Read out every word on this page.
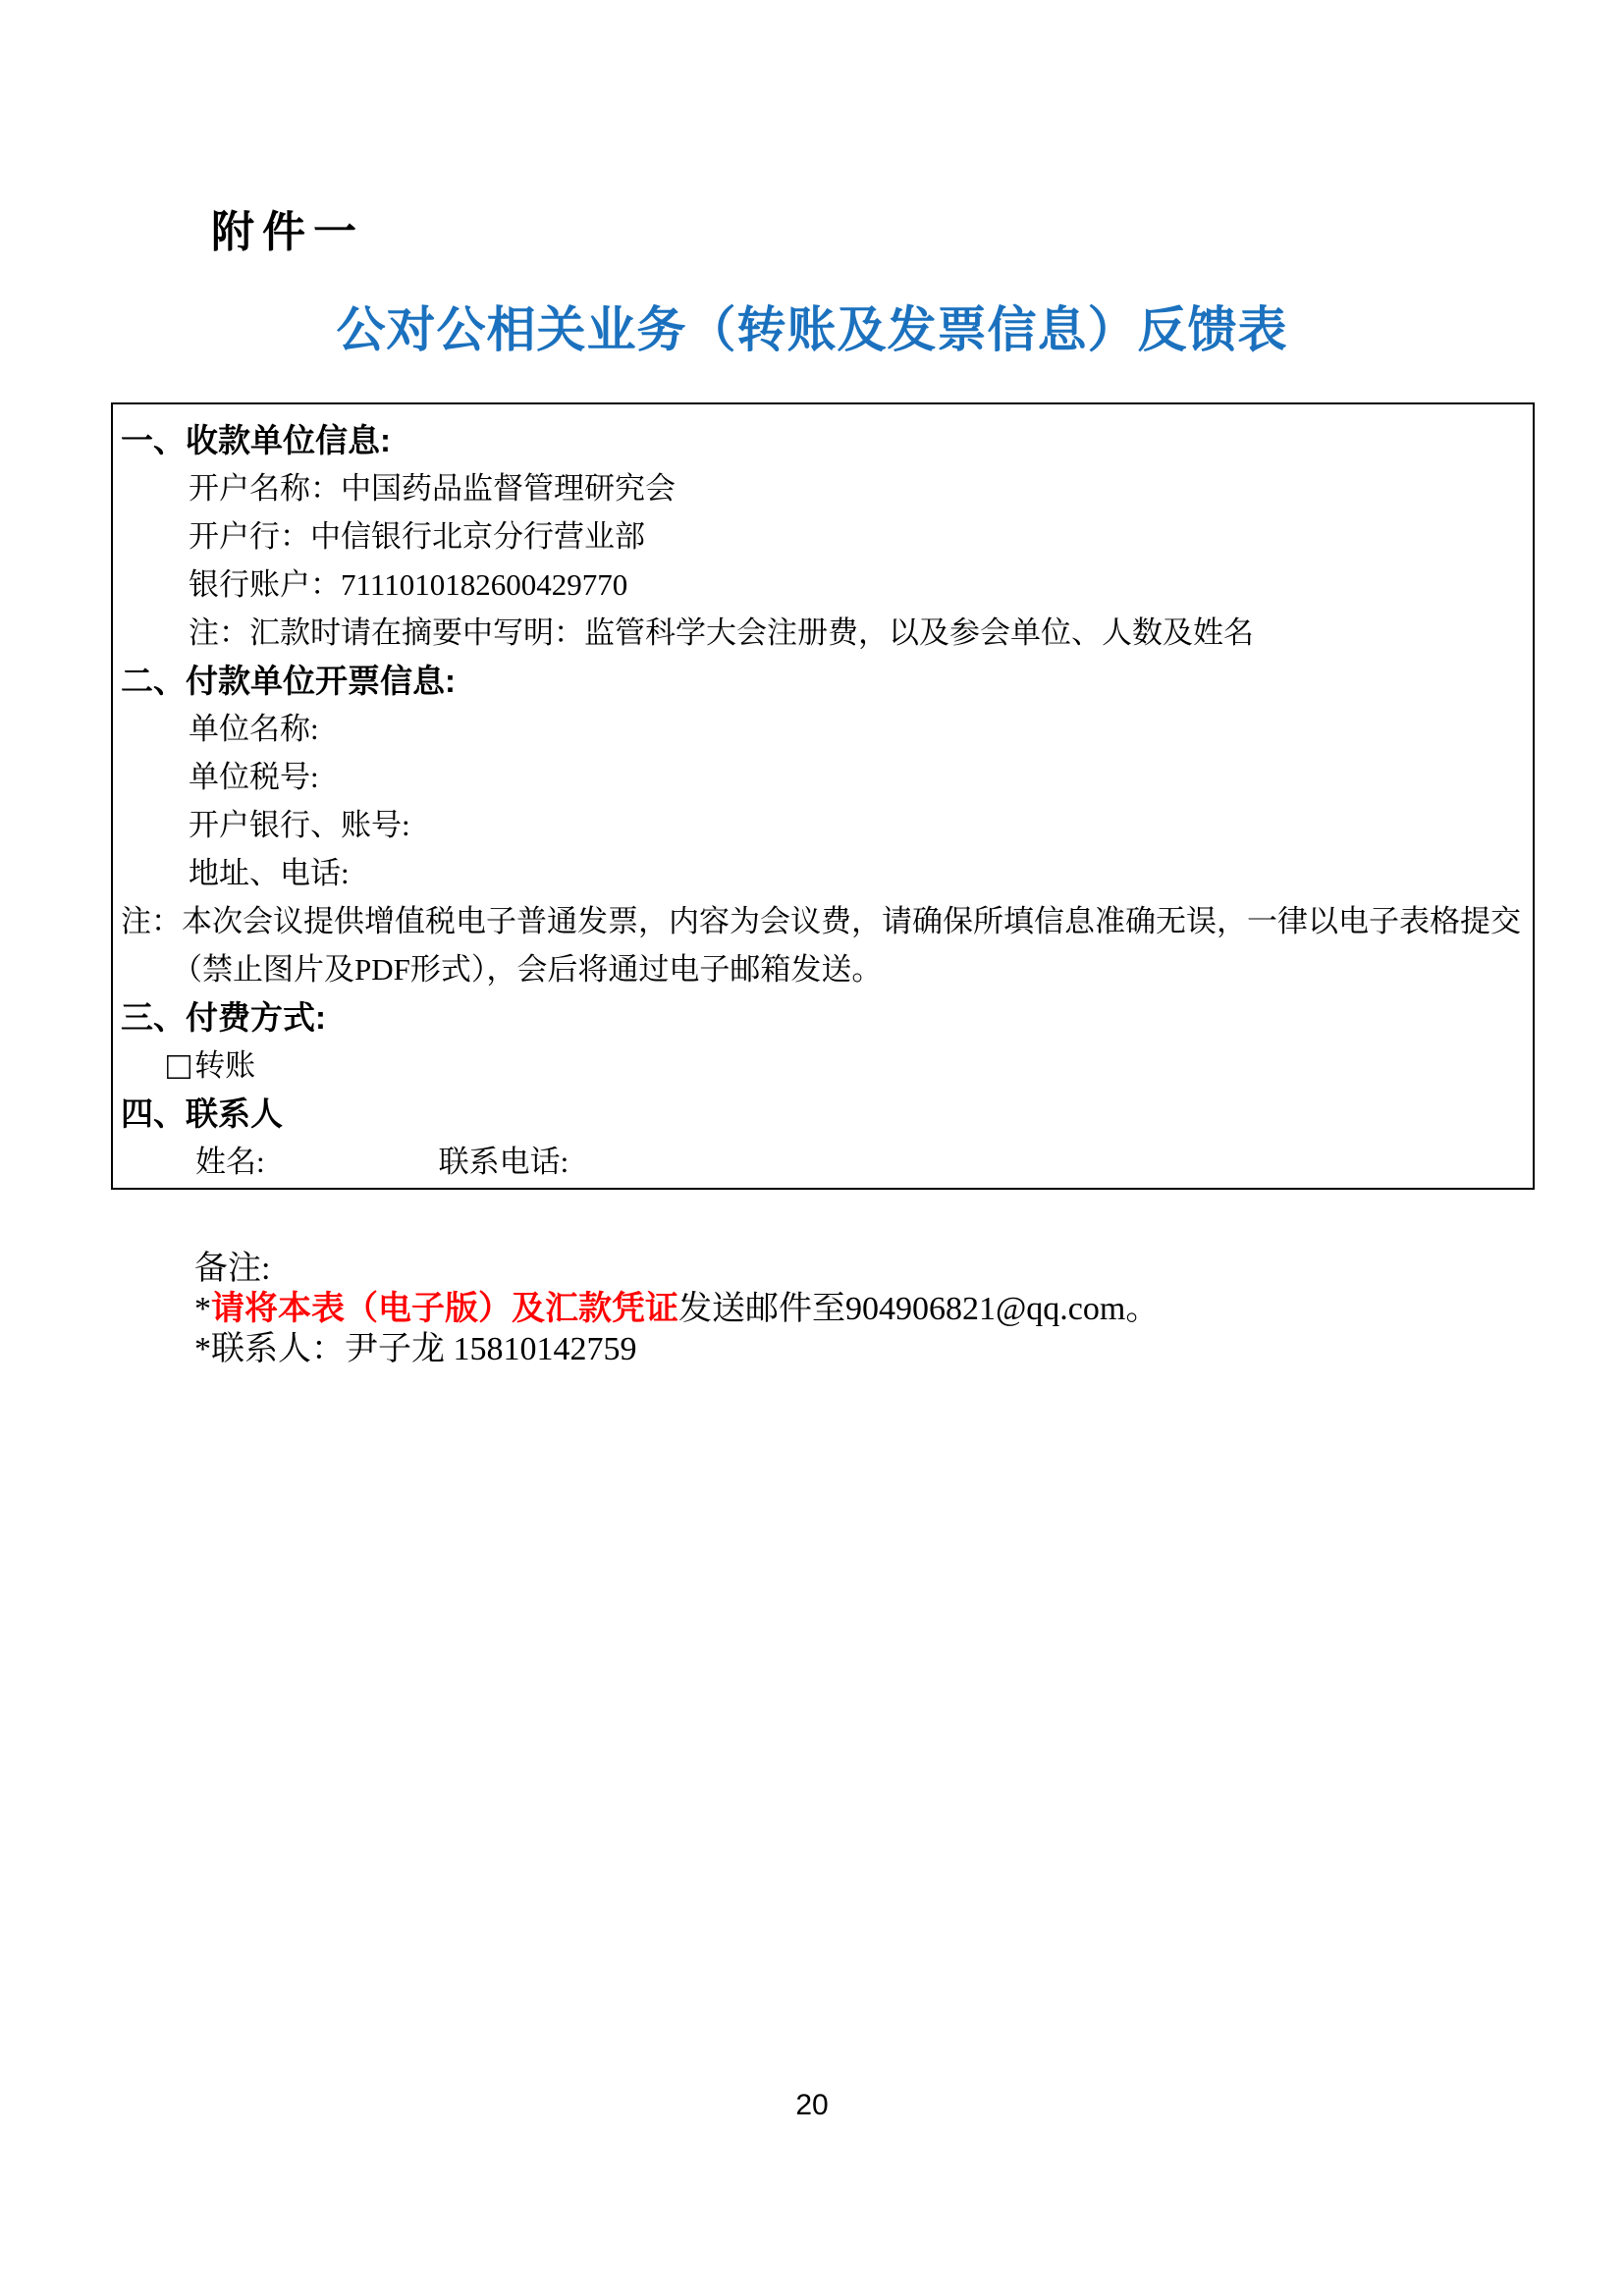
附件一
公对公相关业务（转账及发票信息）反馈表
一、收款单位信息:
开户名称：中国药品监督管理研究会
开户行：中信银行北京分行营业部
银行账户：7111010182600429770
注：汇款时请在摘要中写明：监管科学大会注册费，以及参会单位、人数及姓名
二、付款单位开票信息:
单位名称:
单位税号:
开户银行、账号:
地址、电话:
注：本次会议提供增值税电子普通发票，内容为会议费，请确保所填信息准确无误，一律以电子表格提交
（禁止图片及PDF形式），会后将通过电子邮箱发送。
三、付费方式:
□ 转账
四、联系人
姓名:	联系电话:
备注:
*请将本表（电子版）及汇款凭证发送邮件至904906821@qq.com。
*联系人：尹子龙 15810142759
20
